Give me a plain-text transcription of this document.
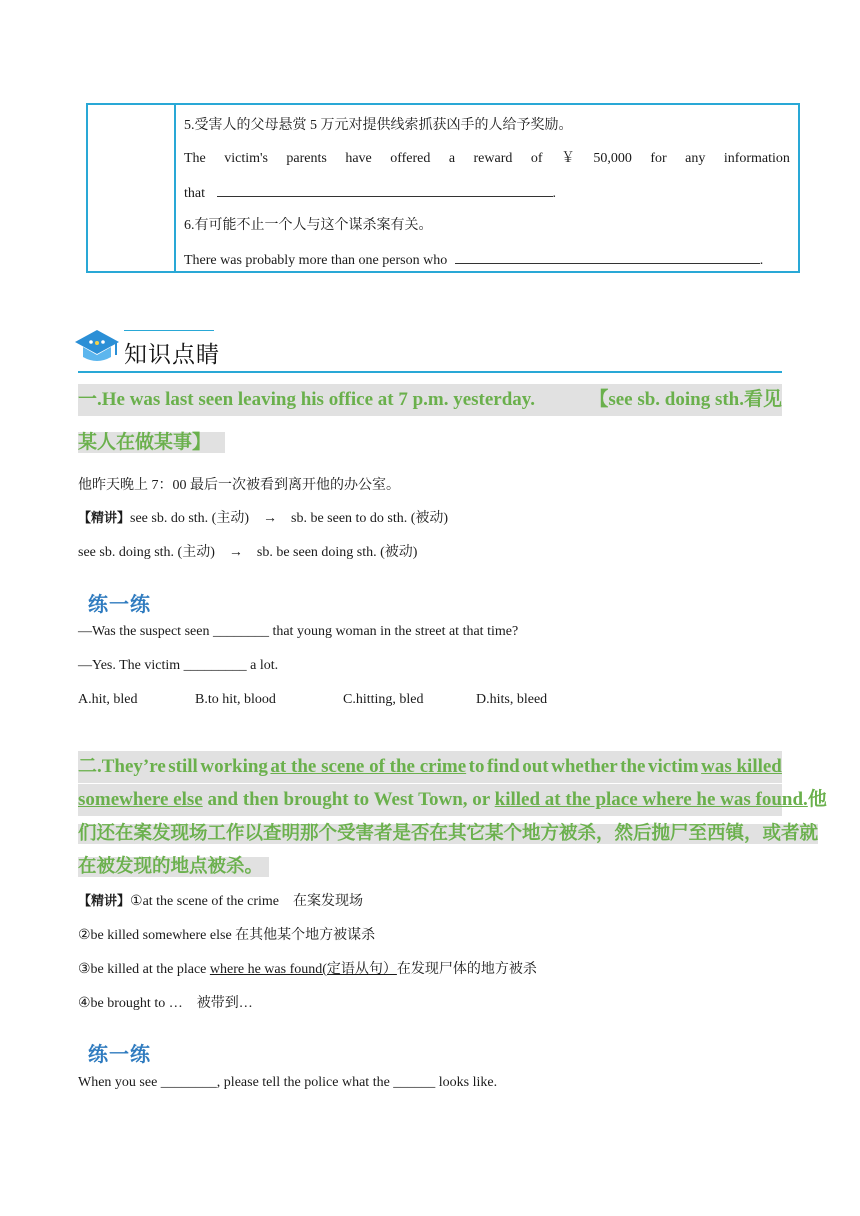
5.受害人的父母悬赏 5 万元对提供线索抓获凶手的人给予奖励。
The victim's parents have offered a reward of ￥ 50,000 for any information
that	.
6.有可能不止一个人与这个谋杀案有关。
There was probably more than one person who	.
知识点睛
一.He was last seen leaving his office at 7 p.m. yesterday.	【see sb. doing sth.看见
某人在做某事】
他昨天晚上 7：00 最后一次被看到离开他的办公室。
【精讲】see sb. do sth. (主动)　→　sb. be seen to do sth. (被动)
see sb. doing sth. (主动)　→　sb. be seen doing sth. (被动)
练一练
—Was the suspect seen ________ that young woman in the street at that time?
—Yes. The victim _________ a lot.
A.hit, bled	B.to hit, blood	C.hitting, bled	D.hits, bleed
二.They’re still working at the scene of the crime to find out whether the victim was killed
somewhere else and then brought to West Town, or killed at the place where he was found. 他
们还在案发现场工作以查明那个受害者是否在其它某个地方被杀，然后抛尸至西镇，或者就
在被发现的地点被杀。
【精讲】①at the scene of the crime　在案发现场
②be killed somewhere else 在其他某个地方被谋杀
③be killed at the place where he was found(定语从句）在发现尸体的地方被杀
④be brought to …　被带到…
练一练
When you see ________, please tell the police what the ______ looks like.
